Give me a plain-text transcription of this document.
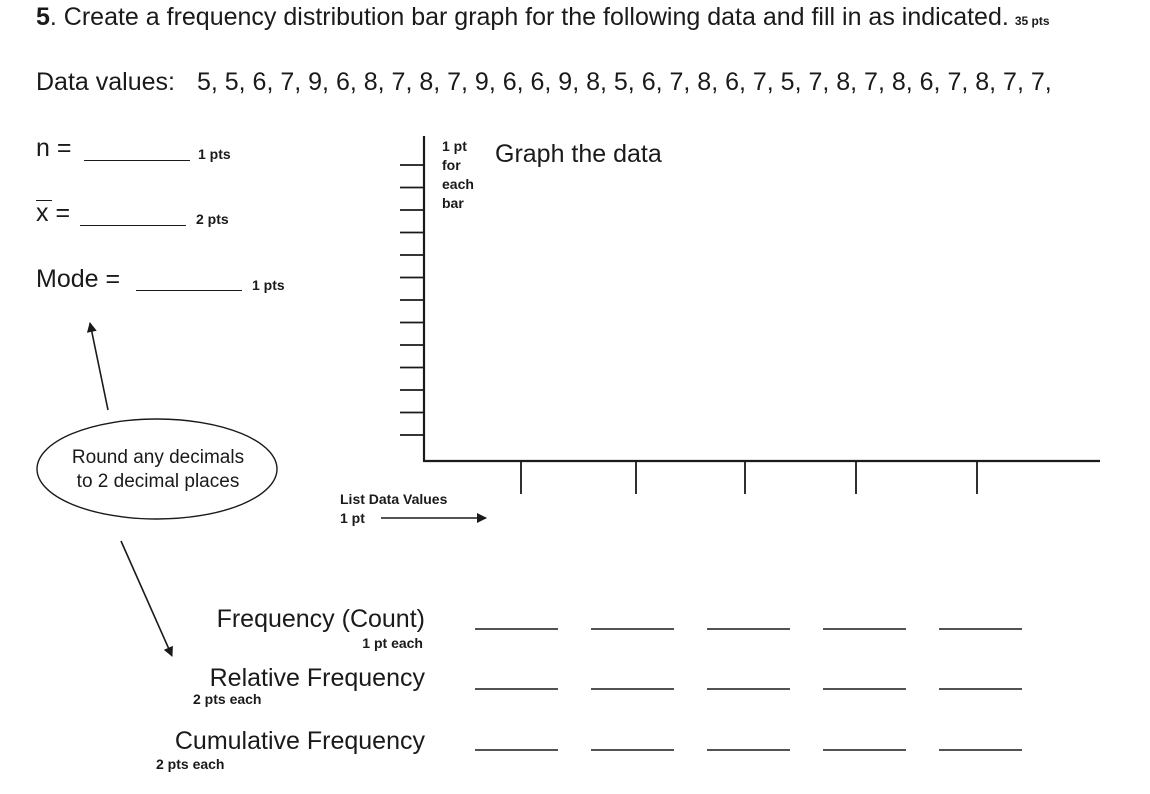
5. Create a frequency distribution bar graph for the following data and fill in as indicated. 35 pts
Data values: 5, 5, 6, 7, 9, 6, 8, 7, 8, 7, 9, 6, 6, 9, 8, 5, 6, 7, 8, 6, 7, 5, 7, 8, 7, 8, 6, 7, 8, 7, 7,
n =	1 pts
x =	2 pts
Mode =	1 pts
1 pt
for
each
bar
Graph the data
List Data Values
1 pt
Round any decimals
to 2 decimal places
Frequency (Count)
1 pt each
Relative Frequency
2 pts each
Cumulative Frequency
2 pts each
